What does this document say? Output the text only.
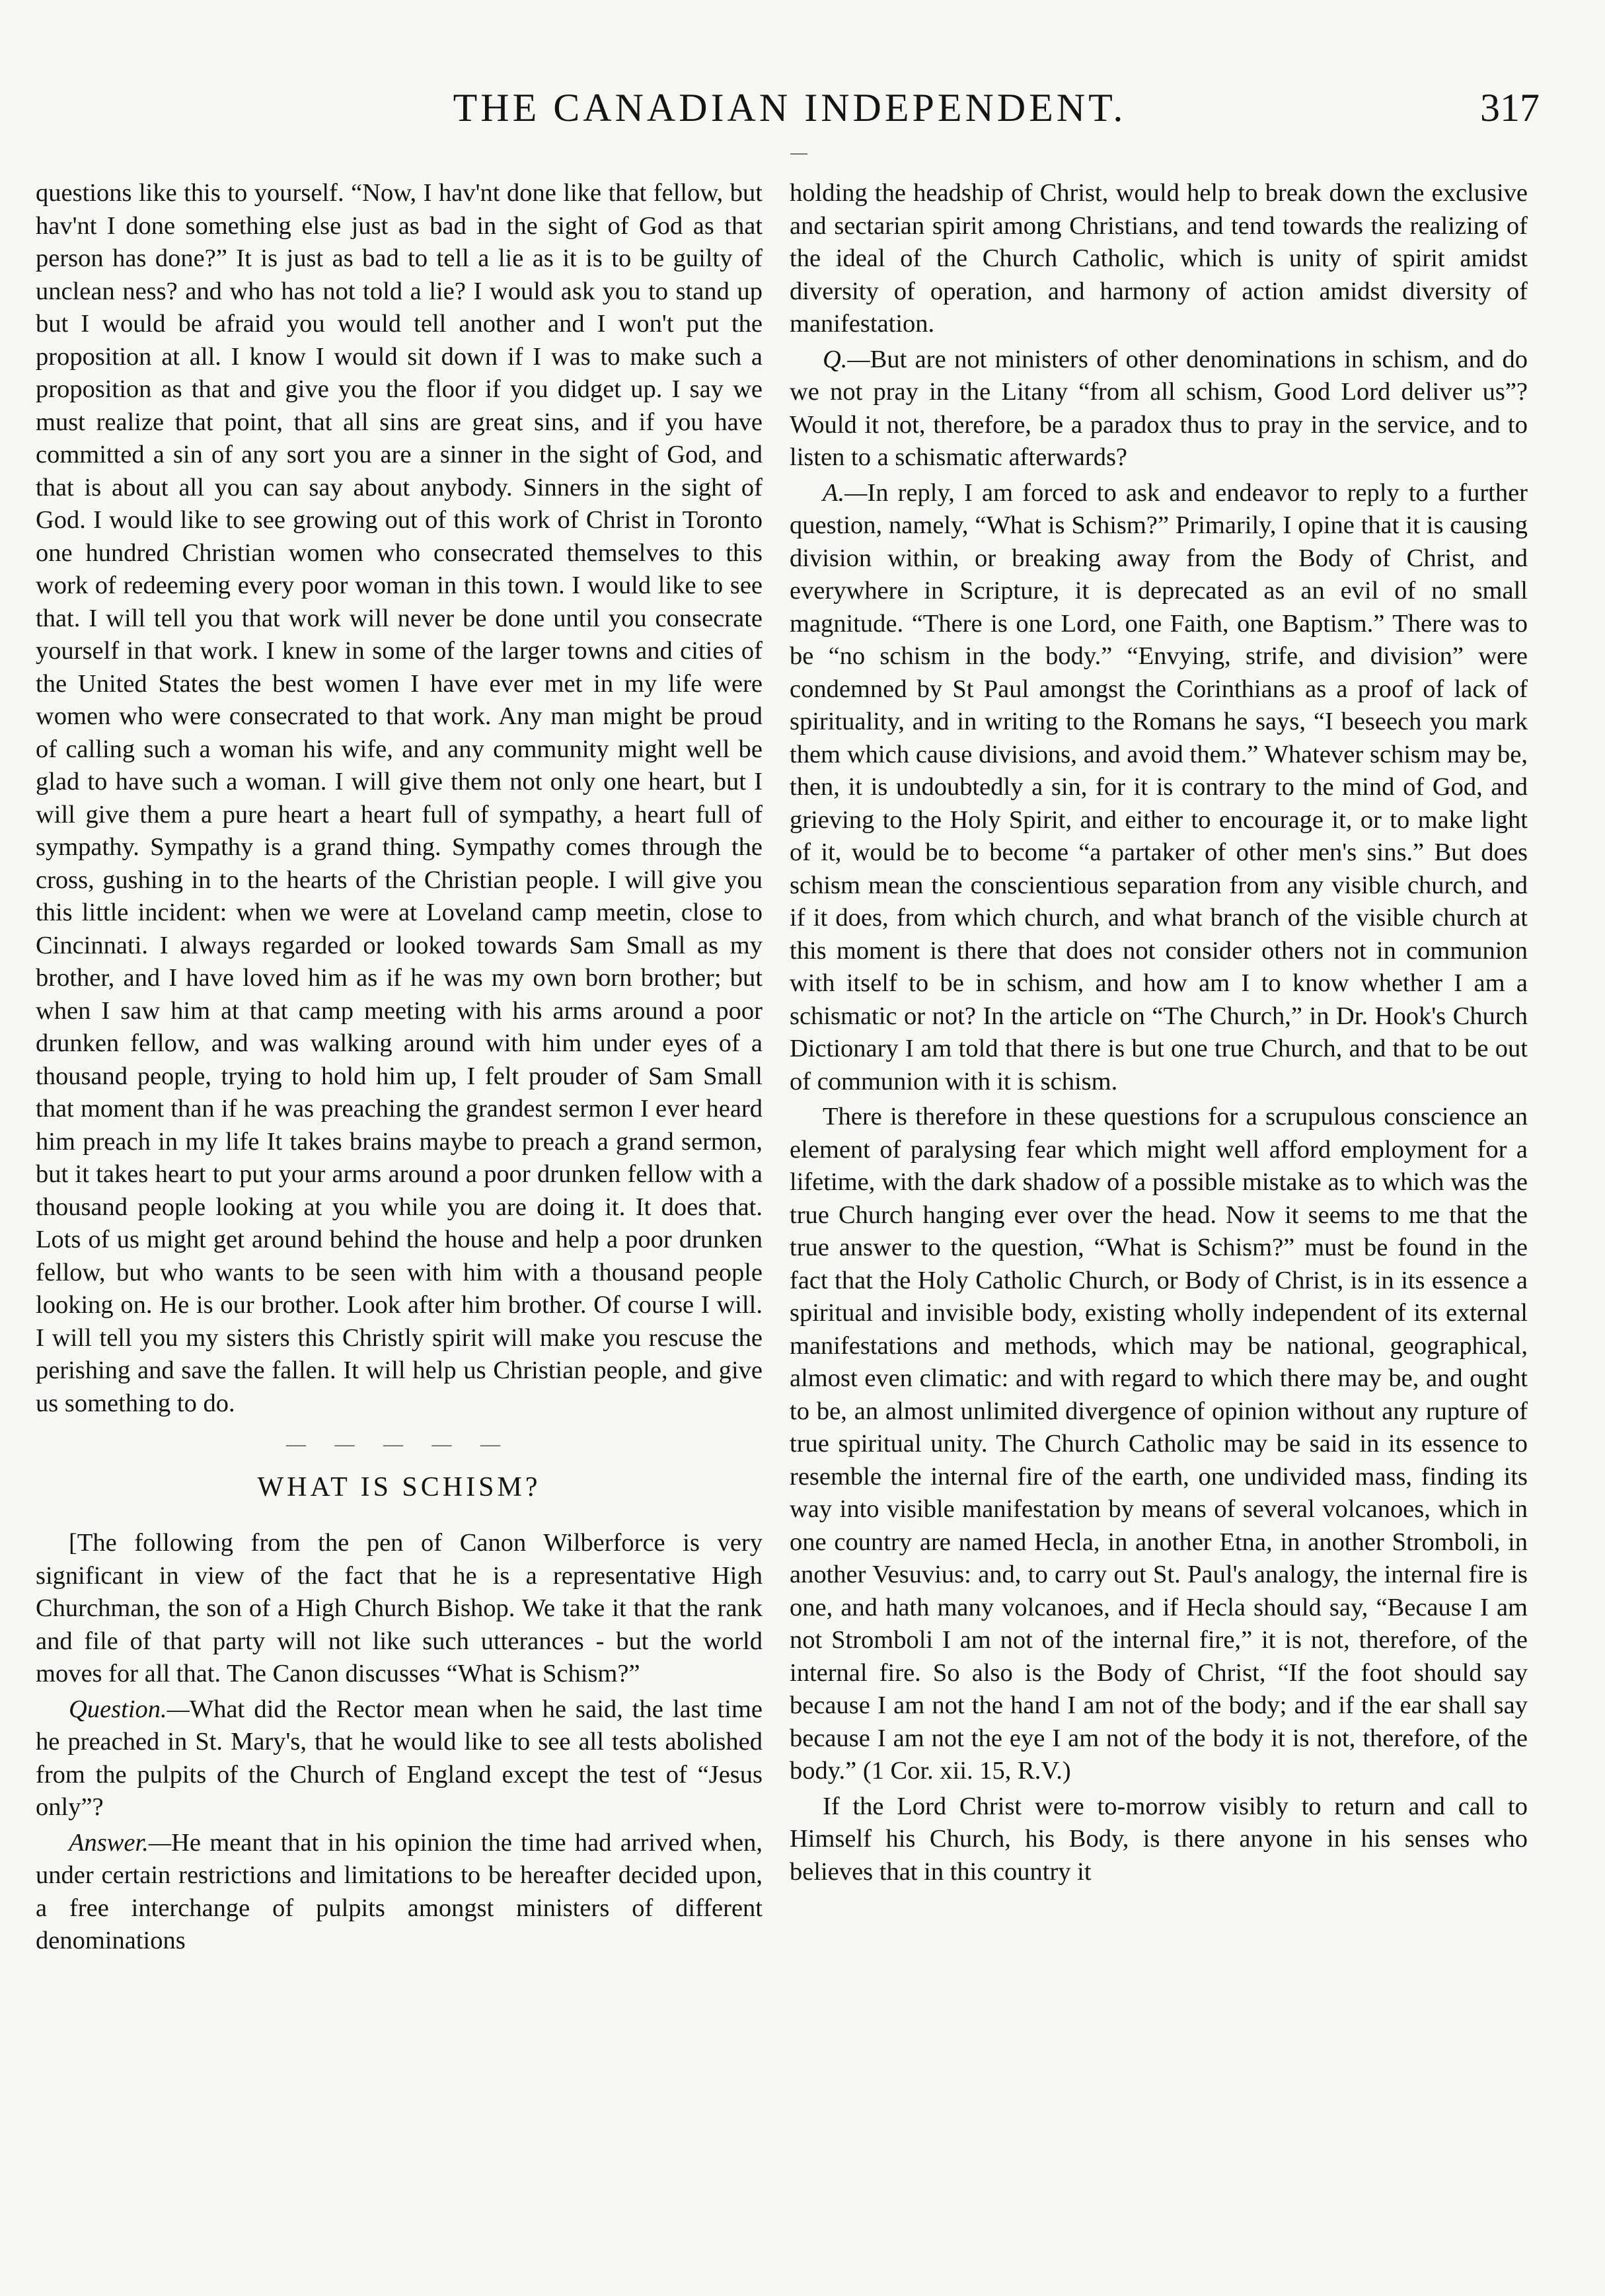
THE CANADIAN INDEPENDENT.	317

questions like this to yourself. “Now, I hav'nt done like that fellow, but hav'nt I done something else just as bad in the sight of God as that person has done?” It is just as bad to tell a lie as it is to be guilty of unclean ness? and who has not told a lie? I would ask you to stand up but I would be afraid you would tell another and I won't put the proposition at all. I know I would sit down if I was to make such a proposition as that and give you the floor if you didget up. I say we must realize that point, that all sins are great sins, and if you have committed a sin of any sort you are a sinner in the sight of God, and that is about all you can say about anybody. Sinners in the sight of God. I would like to see growing out of this work of Christ in Toronto one hundred Christian women who consecrated themselves to this work of redeeming every poor woman in this town. I would like to see that. I will tell you that work will never be done until you consecrate yourself in that work. I knew in some of the larger towns and cities of the United States the best women I have ever met in my life were women who were consecrated to that work. Any man might be proud of calling such a woman his wife, and any community might well be glad to have such a woman. I will give them not only one heart, but I will give them a pure heart a heart full of sympathy, a heart full of sympathy. Sympathy is a grand thing. Sympathy comes through the cross, gushing in to the hearts of the Christian people. I will give you this little incident: when we were at Loveland camp meetin, close to Cincinnati. I always regarded or looked towards Sam Small as my brother, and I have loved him as if he was my own born brother; but when I saw him at that camp meeting with his arms around a poor drunken fellow, and was walking around with him under eyes of a thousand people, trying to hold him up, I felt prouder of Sam Small that moment than if he was preaching the grandest sermon I ever heard him preach in my life It takes brains maybe to preach a grand sermon, but it takes heart to put your arms around a poor drunken fellow with a thousand people looking at you while you are doing it. It does that. Lots of us might get around behind the house and help a poor drunken fellow, but who wants to be seen with him with a thousand people looking on. He is our brother. Look after him brother. Of course I will. I will tell you my sisters this Christly spirit will make you rescuse the perishing and save the fallen. It will help us Christian people, and give us something to do.

— — — — —
WHAT IS SCHISM?

[The following from the pen of Canon Wilberforce is very significant in view of the fact that he is a representative High Churchman, the son of a High Church Bishop. We take it that the rank and file of that party will not like such utterances - but the world moves for all that. The Canon discusses “What is Schism?”

Question.—What did the Rector mean when he said, the last time he preached in St. Mary's, that he would like to see all tests abolished from the pulpits of the Church of England except the test of “Jesus only”?

Answer.—He meant that in his opinion the time had arrived when, under certain restrictions and limitations to be hereafter decided upon, a free interchange of pulpits amongst ministers of different denominations

holding the headship of Christ, would help to break down the exclusive and sectarian spirit among Christians, and tend towards the realizing of the ideal of the Church Catholic, which is unity of spirit amidst diversity of operation, and harmony of action amidst diversity of manifestation.

Q.—But are not ministers of other denominations in schism, and do we not pray in the Litany “from all schism, Good Lord deliver us”? Would it not, therefore, be a paradox thus to pray in the service, and to listen to a schismatic afterwards?

A.—In reply, I am forced to ask and endeavor to reply to a further question, namely, “What is Schism?” Primarily, I opine that it is causing division within, or breaking away from the Body of Christ, and everywhere in Scripture, it is deprecated as an evil of no small magnitude. “There is one Lord, one Faith, one Baptism.” There was to be “no schism in the body.” “Envying, strife, and division” were condemned by St Paul amongst the Corinthians as a proof of lack of spirituality, and in writing to the Romans he says, “I beseech you mark them which cause divisions, and avoid them.” Whatever schism may be, then, it is undoubtedly a sin, for it is contrary to the mind of God, and grieving to the Holy Spirit, and either to encourage it, or to make light of it, would be to become “a partaker of other men's sins.” But does schism mean the conscientious separation from any visible church, and if it does, from which church, and what branch of the visible church at this moment is there that does not consider others not in communion with itself to be in schism, and how am I to know whether I am a schismatic or not? In the article on “The Church,” in Dr. Hook's Church Dictionary I am told that there is but one true Church, and that to be out of communion with it is schism.

There is therefore in these questions for a scrupulous conscience an element of paralysing fear which might well afford employment for a lifetime, with the dark shadow of a possible mistake as to which was the true Church hanging ever over the head. Now it seems to me that the true answer to the question, “What is Schism?” must be found in the fact that the Holy Catholic Church, or Body of Christ, is in its essence a spiritual and invisible body, existing wholly independent of its external manifestations and methods, which may be national, geographical, almost even climatic: and with regard to which there may be, and ought to be, an almost unlimited divergence of opinion without any rupture of true spiritual unity. The Church Catholic may be said in its essence to resemble the internal fire of the earth, one undivided mass, finding its way into visible manifestation by means of several volcanoes, which in one country are named Hecla, in another Etna, in another Stromboli, in another Vesuvius: and, to carry out St. Paul's analogy, the internal fire is one, and hath many volcanoes, and if Hecla should say, “Because I am not Stromboli I am not of the internal fire,” it is not, therefore, of the internal fire. So also is the Body of Christ, “If the foot should say because I am not the hand I am not of the body; and if the ear shall say because I am not the eye I am not of the body it is not, therefore, of the body.” (1 Cor. xii. 15, R.V.)

If the Lord Christ were to-morrow visibly to return and call to Himself his Church, his Body, is there anyone in his senses who believes that in this country it
